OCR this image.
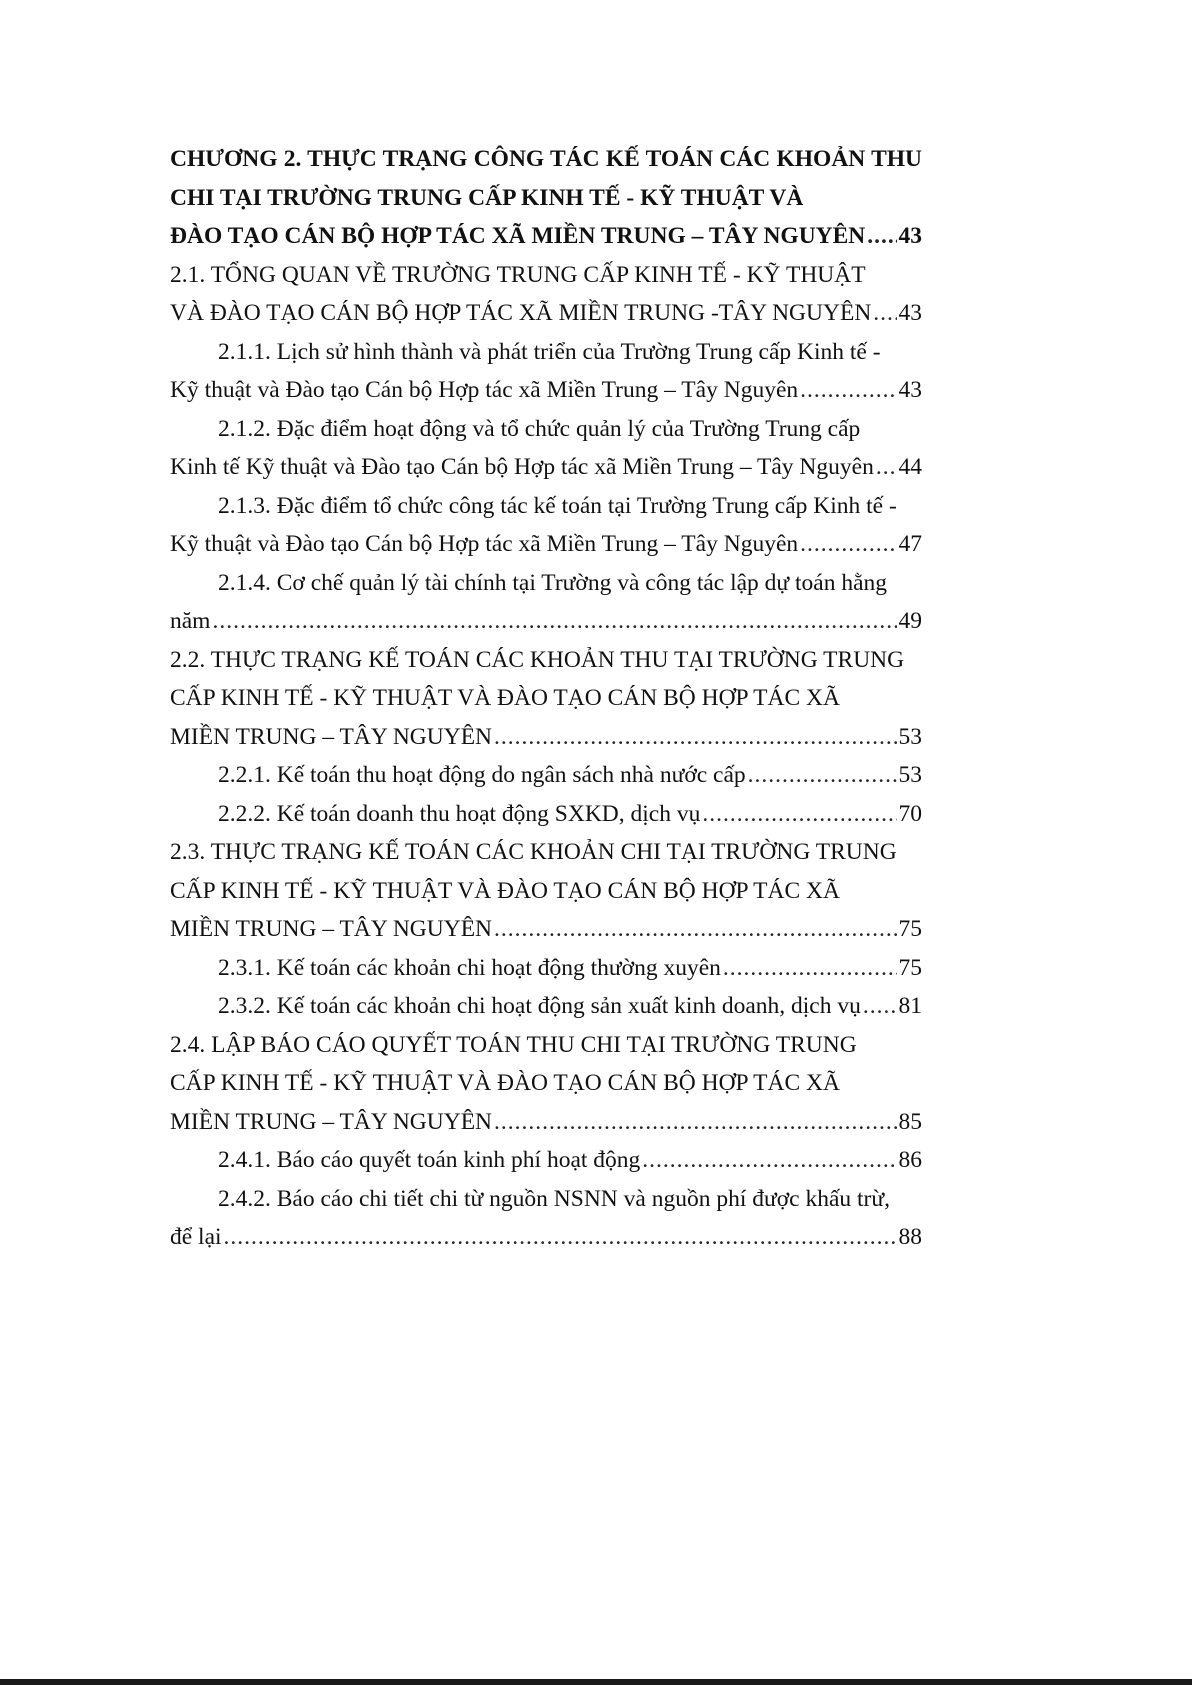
CHƯƠNG 2. THỰC TRẠNG CÔNG TÁC KẾ TOÁN CÁC KHOẢN THU CHI TẠI TRƯỜNG TRUNG CẤP KINH TẾ - KỸ THUẬT VÀ
ĐÀO TẠO CÁN BỘ HỢP TÁC XÃ MIỀN TRUNG – TÂY NGUYÊN ..... 43
2.1. TỔNG QUAN VỀ TRƯỜNG TRUNG CẤP KINH TẾ - KỸ THUẬT
VÀ ĐÀO TẠO CÁN BỘ HỢP TÁC XÃ MIỀN TRUNG -TÂY NGUYÊN ..... 43
2.1.1. Lịch sử hình thành và phát triển của Trường Trung cấp Kinh tế -
Kỹ thuật và Đào tạo Cán bộ Hợp tác xã Miền Trung – Tây Nguyên .....	43
2.1.2. Đặc điểm hoạt động và tổ chức quản lý của Trường Trung cấp
Kinh tế Kỹ thuật và Đào tạo Cán bộ Hợp tác xã Miền Trung – Tây Nguyên ..... 44
2.1.3. Đặc điểm tổ chức công tác kế toán tại Trường Trung cấp Kinh tế -
Kỹ thuật và Đào tạo Cán bộ Hợp tác xã Miền Trung – Tây Nguyên .....	47
2.1.4. Cơ chế quản lý tài chính tại Trường và công tác lập dự toán hằng
năm .....	49
2.2. THỰC TRẠNG KẾ TOÁN CÁC KHOẢN THU TẠI TRƯỜNG TRUNG
CẤP KINH TẾ - KỸ THUẬT VÀ ĐÀO TẠO CÁN BỘ HỢP TÁC XÃ
MIỀN TRUNG – TÂY NGUYÊN .....	53
2.2.1. Kế toán thu hoạt động do ngân sách nhà nước cấp .....	53
2.2.2. Kế toán doanh thu hoạt động SXKD, dịch vụ .....	70
2.3. THỰC TRẠNG KẾ TOÁN CÁC KHOẢN CHI TẠI TRƯỜNG TRUNG
CẤP KINH TẾ - KỸ THUẬT VÀ ĐÀO TẠO CÁN BỘ HỢP TÁC XÃ
MIỀN TRUNG – TÂY NGUYÊN .....	75
2.3.1. Kế toán các khoản chi hoạt động thường xuyên .....	75
2.3.2. Kế toán các khoản chi hoạt động sản xuất kinh doanh, dịch vụ ..... 81
2.4. LẬP BÁO CÁO QUYẾT TOÁN THU CHI TẠI TRƯỜNG TRUNG
CẤP KINH TẾ - KỸ THUẬT VÀ ĐÀO TẠO CÁN BỘ HỢP TÁC XÃ
MIỀN TRUNG – TÂY NGUYÊN .....	85
2.4.1. Báo cáo quyết toán kinh phí hoạt động .....	86
2.4.2. Báo cáo chi tiết chi từ nguồn NSNN và nguồn phí được khấu trừ,
để lại .....	88
